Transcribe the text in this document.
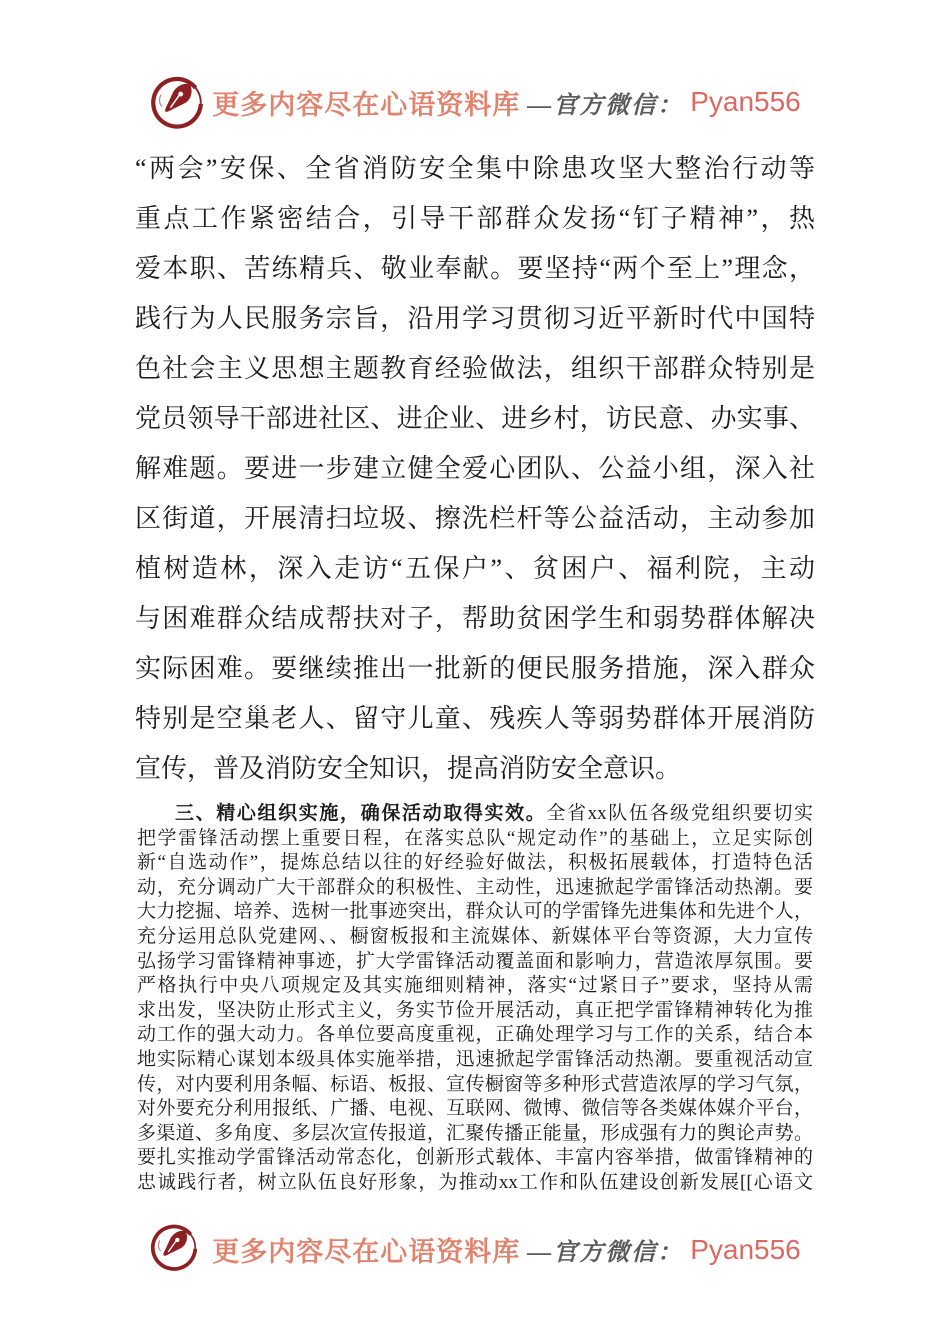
更多内容尽在心语资料库 —官方微信： Pyan556
“两会”安保、全省消防安全集中除患攻坚大整治行动等
重点工作紧密结合，引导干部群众发扬“钉子精神”，热
爱本职、苦练精兵、敬业奉献。要坚持“两个至上”理念，
践行为人民服务宗旨，沿用学习贯彻习近平新时代中国特
色社会主义思想主题教育经验做法，组织干部群众特别是
党员领导干部进社区、进企业、进乡村，访民意、办实事、
解难题。要进一步建立健全爱心团队、公益小组，深入社
区街道，开展清扫垃圾、擦洗栏杆等公益活动，主动参加
植树造林，深入走访“五保户”、贫困户、福利院，主动
与困难群众结成帮扶对子，帮助贫困学生和弱势群体解决
实际困难。要继续推出一批新的便民服务措施，深入群众
特别是空巢老人、留守儿童、残疾人等弱势群体开展消防
宣传，普及消防安全知识，提高消防安全意识。
三、精心组织实施，确保活动取得实效。全省xx队伍各级党组织要切实
把学雷锋活动摆上重要日程，在落实总队“规定动作”的基础上，立足实际创
新“自选动作”，提炼总结以往的好经验好做法，积极拓展载体，打造特色活
动，充分调动广大干部群众的积极性、主动性，迅速掀起学雷锋活动热潮。要
大力挖掘、培养、选树一批事迹突出，群众认可的学雷锋先进集体和先进个人，
充分运用总队党建网、、橱窗板报和主流媒体、新媒体平台等资源，大力宣传
弘扬学习雷锋精神事迹，扩大学雷锋活动覆盖面和影响力，营造浓厚氛围。要
严格执行中央八项规定及其实施细则精神，落实“过紧日子”要求，坚持从需
求出发，坚决防止形式主义，务实节俭开展活动，真正把学雷锋精神转化为推
动工作的强大动力。各单位要高度重视，正确处理学习与工作的关系，结合本
地实际精心谋划本级具体实施举措，迅速掀起学雷锋活动热潮。要重视活动宣
传，对内要利用条幅、标语、板报、宣传橱窗等多种形式营造浓厚的学习气氛，
对外要充分利用报纸、广播、电视、互联网、微博、微信等各类媒体媒介平台，
多渠道、多角度、多层次宣传报道，汇聚传播正能量，形成强有力的舆论声势。
要扎实推动学雷锋活动常态化，创新形式载体、丰富内容举措，做雷锋精神的
忠诚践行者，树立队伍良好形象，为推动xx工作和队伍建设创新发展[[心语文
更多内容尽在心语资料库 —官方微信： Pyan556
